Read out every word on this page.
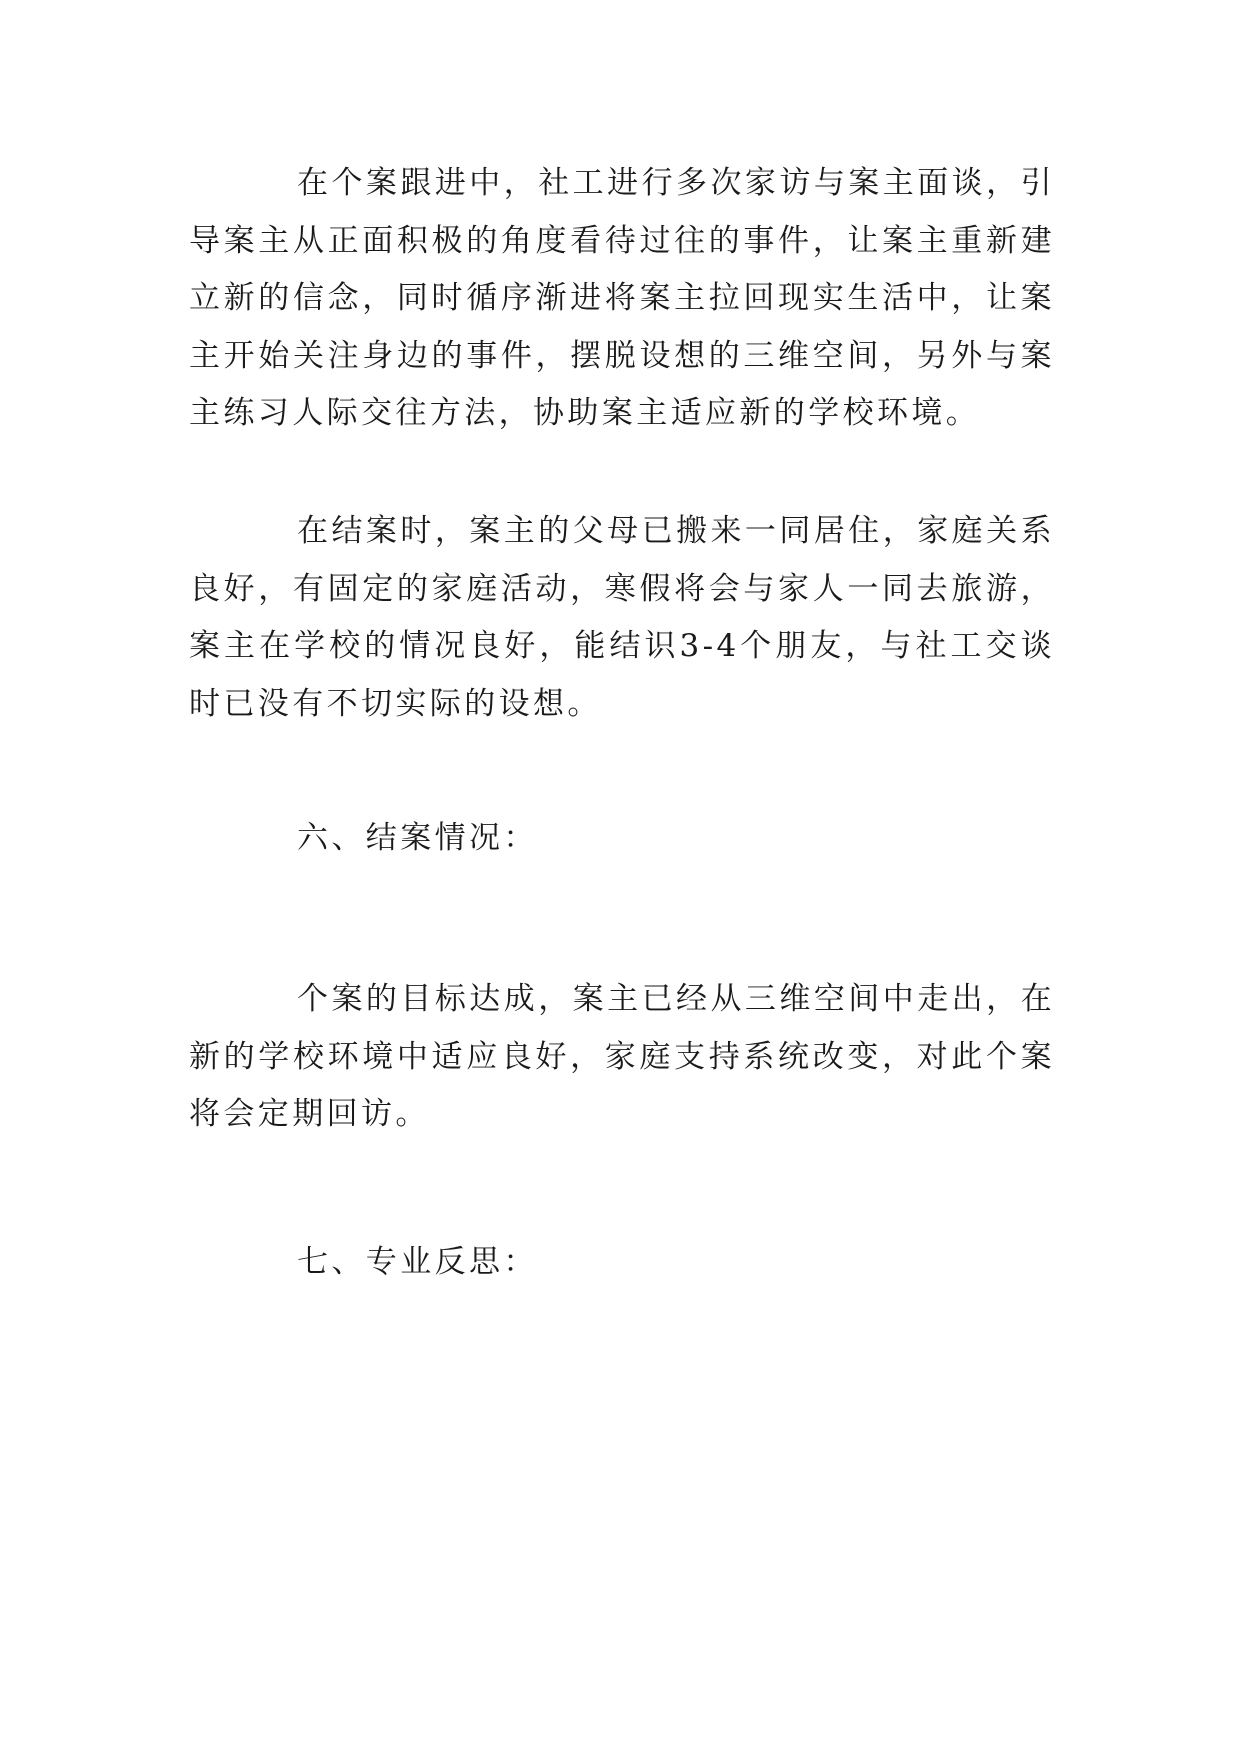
在个案跟进中，社工进行多次家访与案主面谈，引导案主从正面积极的角度看待过往的事件，让案主重新建立新的信念，同时循序渐进将案主拉回现实生活中，让案主开始关注身边的事件，摆脱设想的三维空间，另外与案主练习人际交往方法，协助案主适应新的学校环境。

在结案时，案主的父母已搬来一同居住，家庭关系良好，有固定的家庭活动，寒假将会与家人一同去旅游，案主在学校的情况良好，能结识3-4个朋友，与社工交谈时已没有不切实际的设想。

六、结案情况：

个案的目标达成，案主已经从三维空间中走出，在新的学校环境中适应良好，家庭支持系统改变，对此个案将会定期回访。

七、专业反思：
